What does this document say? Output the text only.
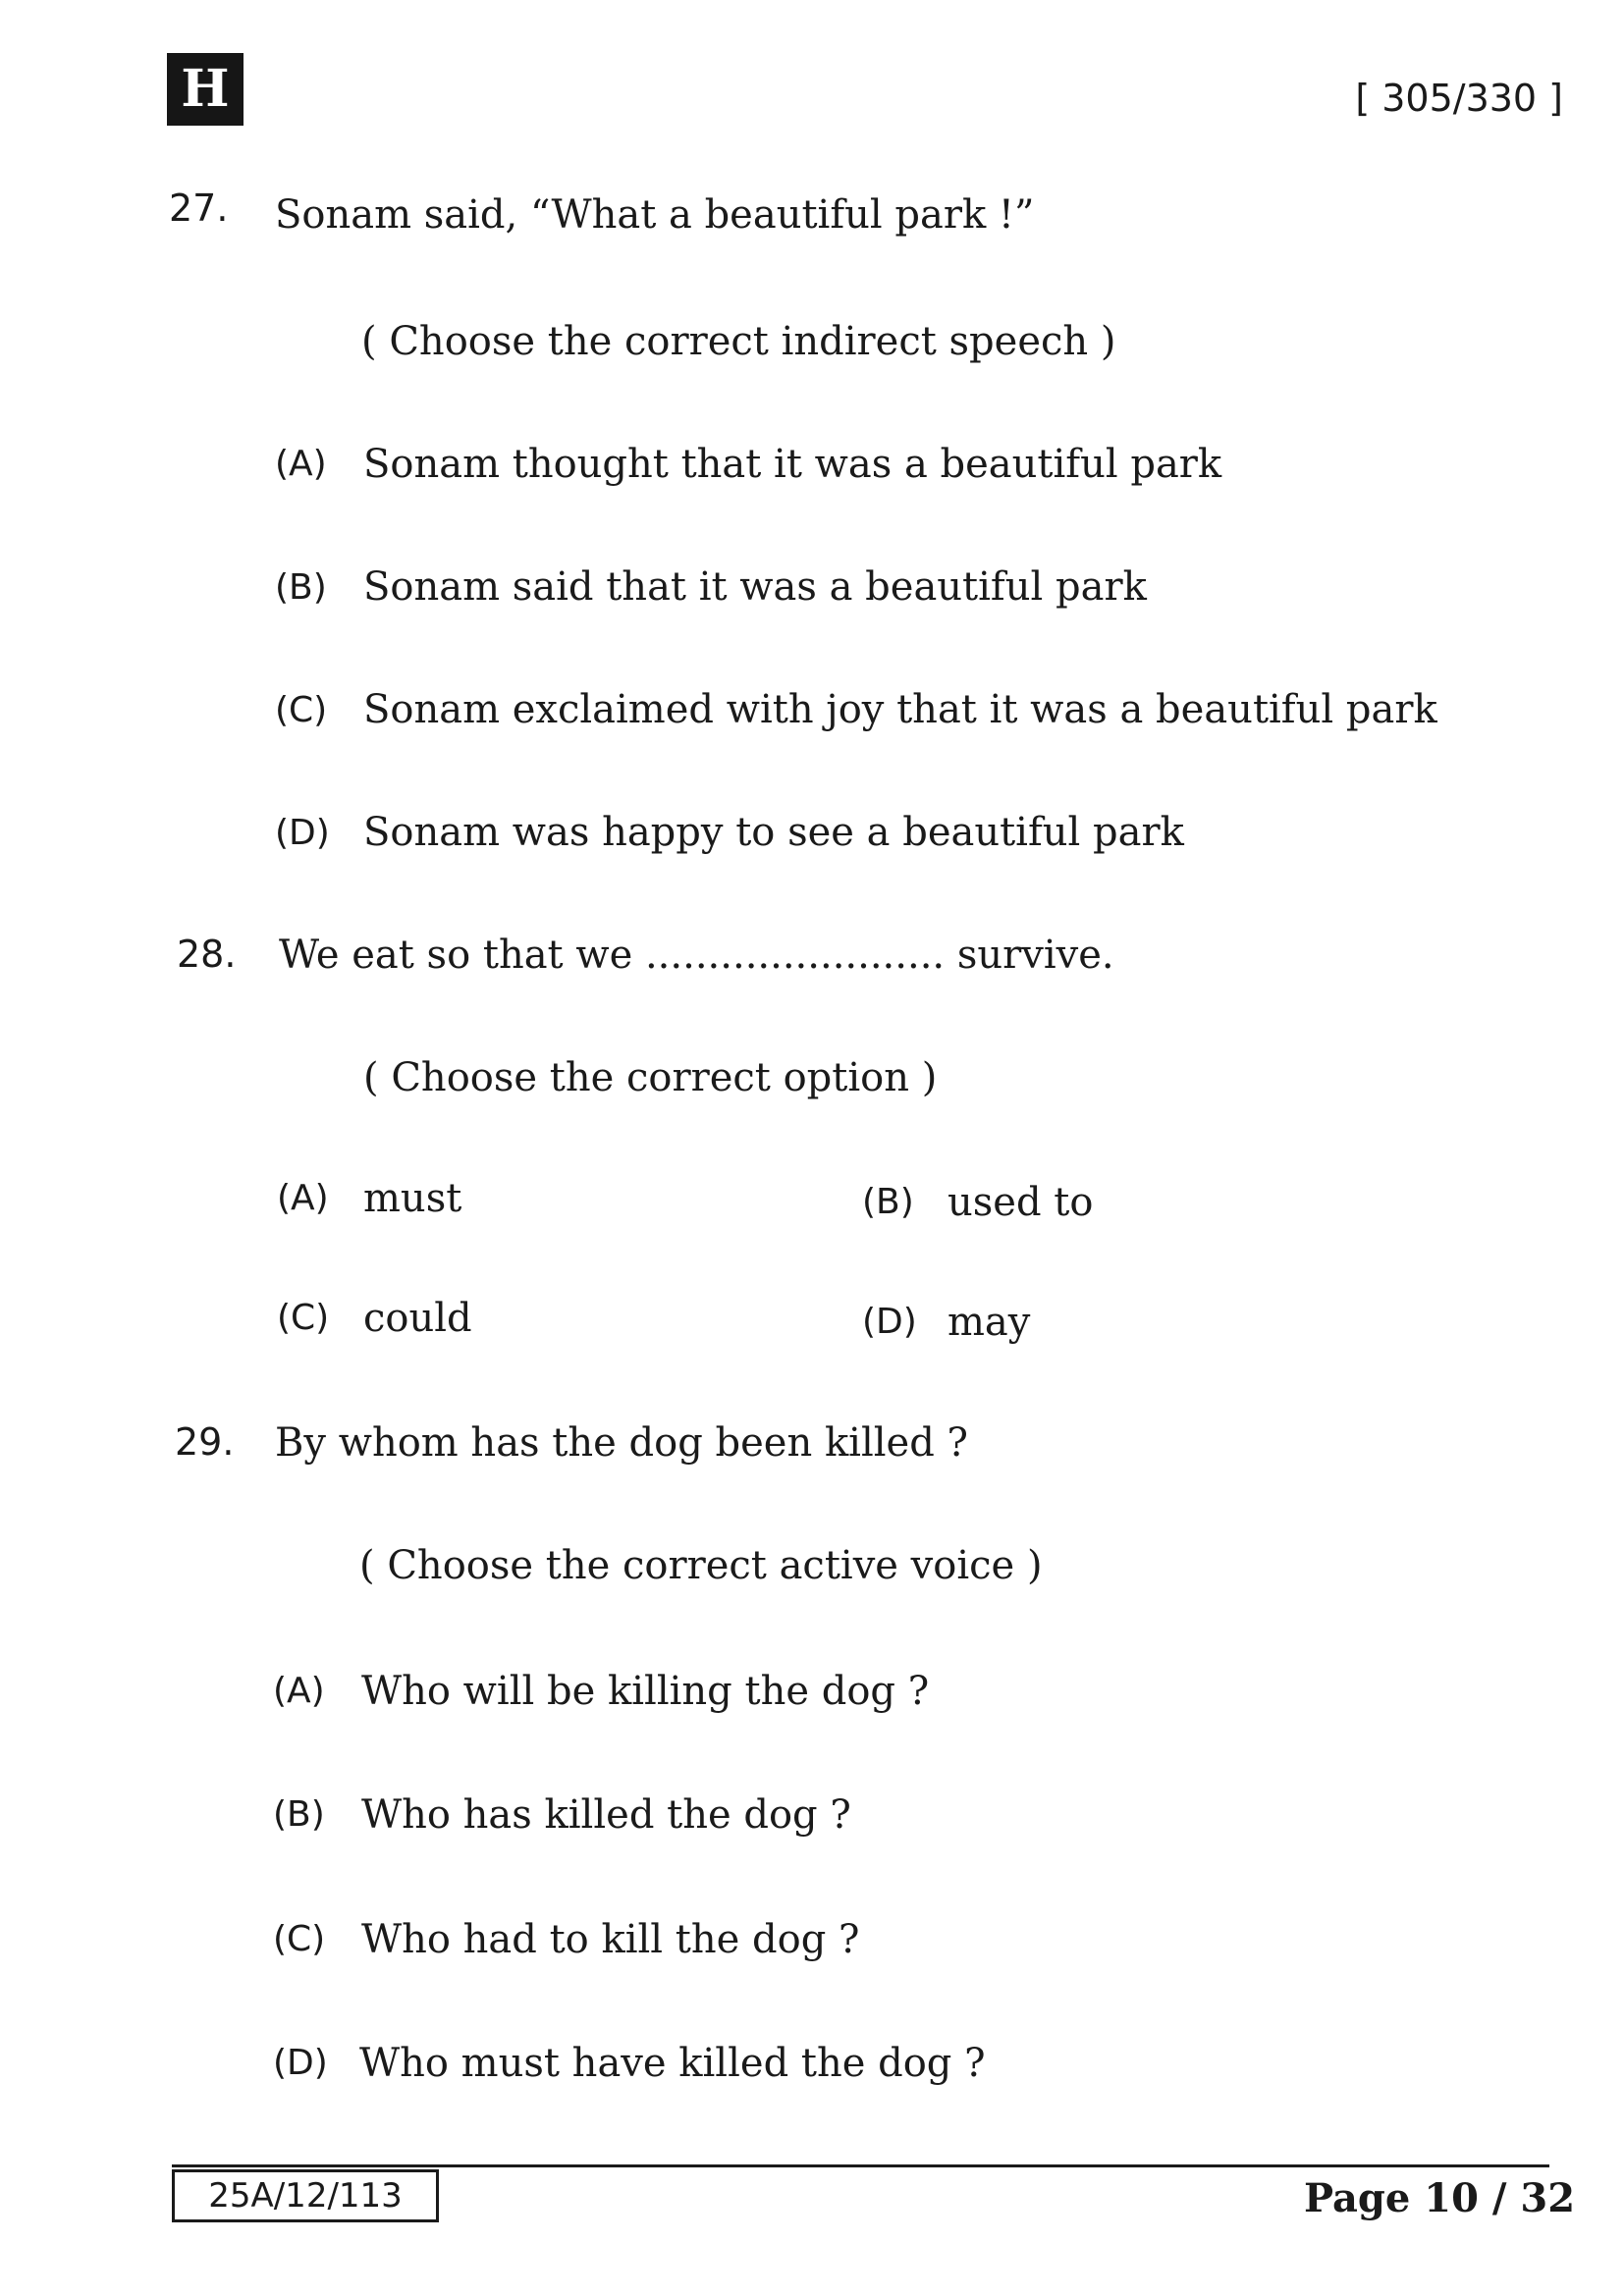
H	[ 305/330 ]
27. Sonam said, “What a beautiful park !”
( Choose the correct indirect speech )
(A) Sonam thought that it was a beautiful park
(B) Sonam said that it was a beautiful park
(C) Sonam exclaimed with joy that it was a beautiful park
(D) Sonam was happy to see a beautiful park
28. We eat so that we ........................ survive.
( Choose the correct option )
(A) must	(B) used to
(C) could	(D) may
29. By whom has the dog been killed ?
( Choose the correct active voice )
(A) Who will be killing the dog ?
(B) Who has killed the dog ?
(C) Who had to kill the dog ?
(D) Who must have killed the dog ?
25A/12/113	Page 10 / 32
